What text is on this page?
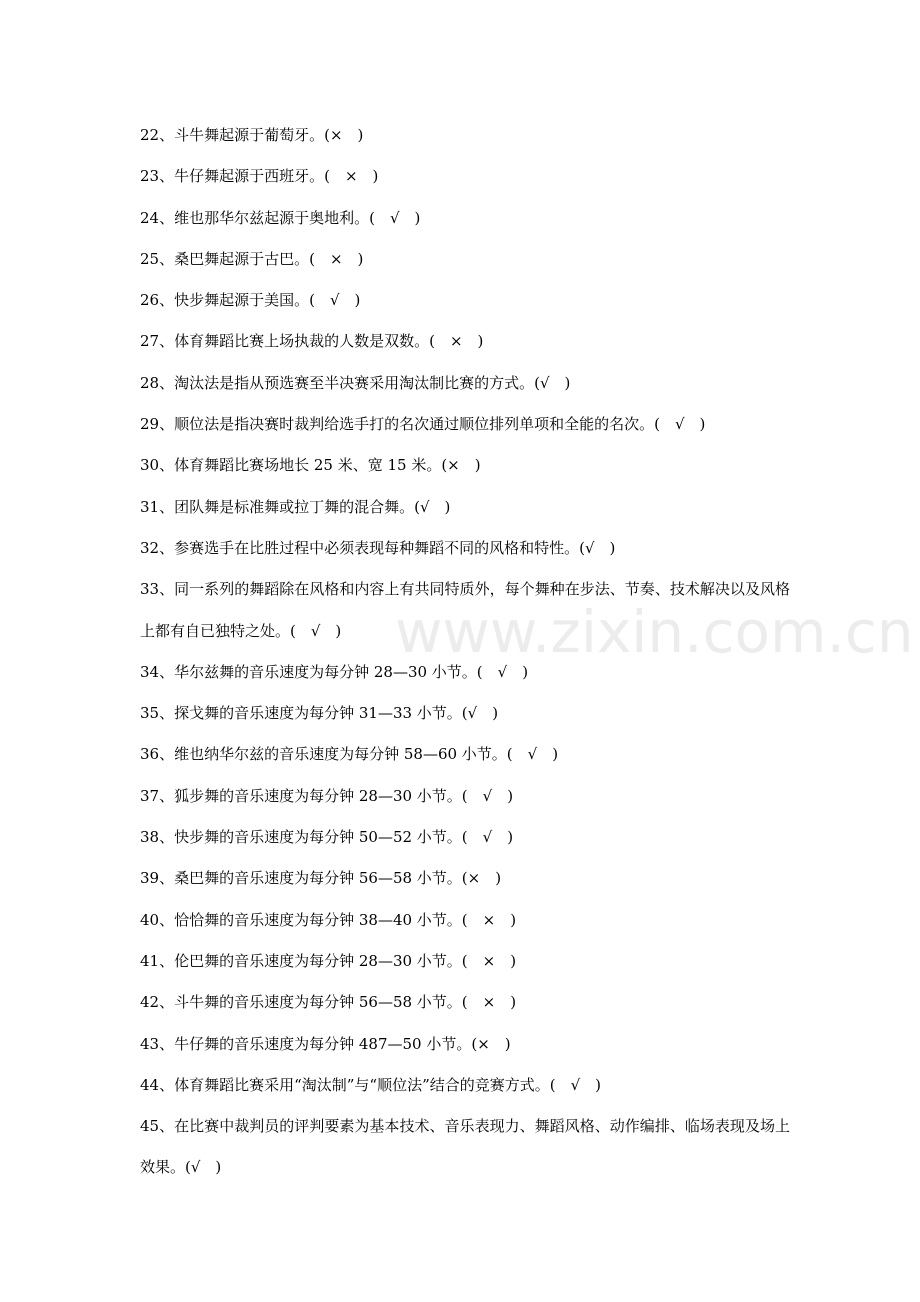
22、斗牛舞起源于葡萄牙。(×　)
23、牛仔舞起源于西班牙。(　×　)
24、维也那华尔兹起源于奥地利。(　√　)
25、桑巴舞起源于古巴。(　×　)
26、快步舞起源于美国。(　√　)
27、体育舞蹈比赛上场执裁的人数是双数。(　×　)
28、淘汰法是指从预选赛至半决赛采用淘汰制比赛的方式。(√　)
29、顺位法是指决赛时裁判给选手打的名次通过顺位排列单项和全能的名次。(　√　)
30、体育舞蹈比赛场地长 25 米、宽 15 米。(×　)
31、团队舞是标准舞或拉丁舞的混合舞。(√　)
32、参赛选手在比胜过程中必须表现每种舞蹈不同的风格和特性。(√　)
33、同一系列的舞蹈除在风格和内容上有共同特质外，每个舞种在步法、节奏、技术解决以及风格上都有自已独特之处。(　√　)
34、华尔兹舞的音乐速度为每分钟 28—30 小节。(　√　)
35、探戈舞的音乐速度为每分钟 31—33 小节。(√　)
36、维也纳华尔兹的音乐速度为每分钟 58—60 小节。(　√　)
37、狐步舞的音乐速度为每分钟 28—30 小节。(　√　)
38、快步舞的音乐速度为每分钟 50—52 小节。(　√　)
39、桑巴舞的音乐速度为每分钟 56—58 小节。(×　)
40、恰恰舞的音乐速度为每分钟 38—40 小节。(　×　)
41、伦巴舞的音乐速度为每分钟 28—30 小节。(　×　)
42、斗牛舞的音乐速度为每分钟 56—58 小节。(　×　)
43、牛仔舞的音乐速度为每分钟 487—50 小节。(×　)
44、体育舞蹈比赛采用“淘汰制”与“顺位法”结合的竞赛方式。(　√　)
45、在比赛中裁判员的评判要素为基本技术、音乐表现力、舞蹈风格、动作编排、临场表现及场上效果。(√　)
www.zixin.com.cn
